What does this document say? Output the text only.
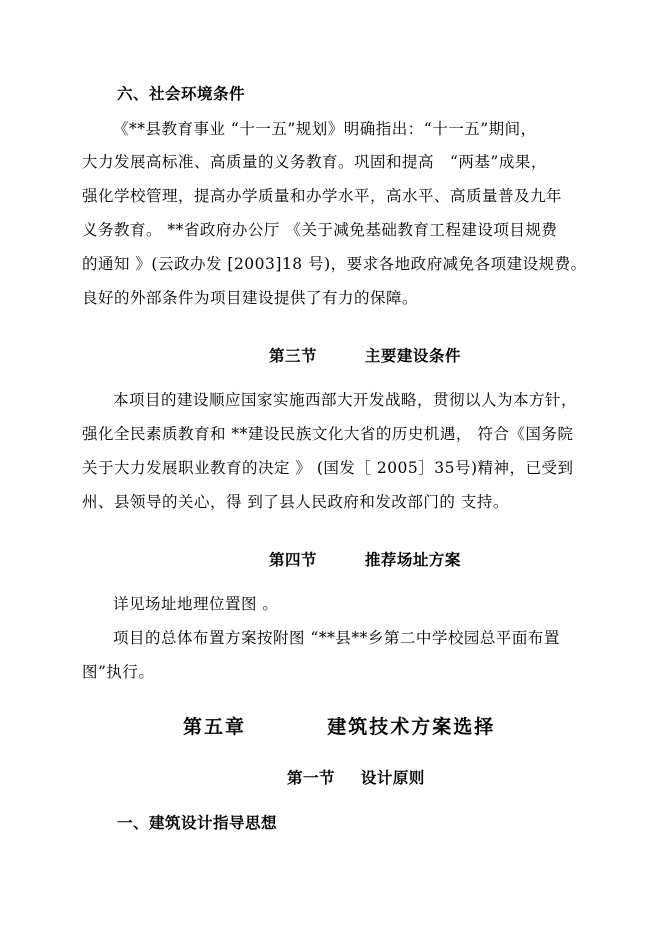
六、社会环境条件
《**县教育事业 “十一五”规划》明确指出：“十一五”期间，
大力发展高标准、高质量的义务教育。巩固和提高　“两基”成果，
强化学校管理，提高办学质量和办学水平，高水平、高质量普及九年
义务教育。 **省政府办公厅 《关于减免基础教育工程建设项目规费
的通知 》(云政办发 [2003]18 号)，要求各地政府减免各项建设规费。
良好的外部条件为项目建设提供了有力的保障。
第三节	主要建设条件
本项目的建设顺应国家实施西部大开发战略，贯彻以人为本方针，
强化全民素质教育和 **建设民族文化大省的历史机遇， 符合《国务院
关于大力发展职业教育的决定 》 (国发［ 2005］35号)精神，已受到
州、县领导的关心，得 到了县人民政府和发改部门的 支持。
第四节	推荐场址方案
详见场址地理位置图 。
项目的总体布置方案按附图 “**县**乡第二中学校园总平面布置
图”执行。
第五章	建筑技术方案选择
第一节 设计原则
一、建筑设计指导思想
